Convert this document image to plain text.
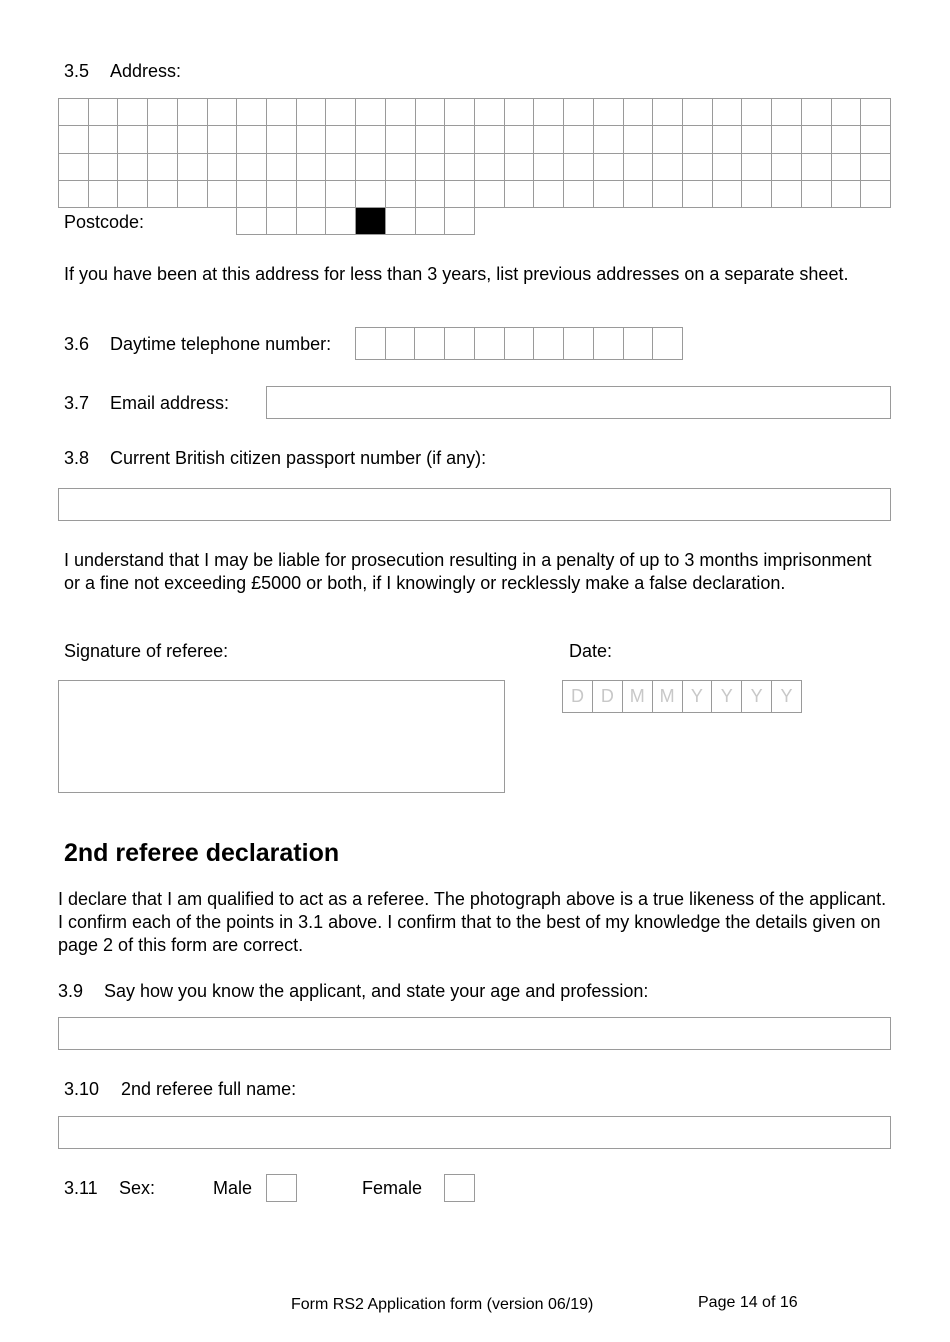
3.5 Address:
Postcode:
If you have been at this address for less than 3 years, list previous addresses on a separate sheet.
3.6 Daytime telephone number:
3.7 Email address:
3.8 Current British citizen passport number (if any):
I understand that I may be liable for prosecution resulting in a penalty of up to 3 months imprisonment or a fine not exceeding £5000 or both, if I knowingly or recklessly make a false declaration.
Signature of referee:	Date:
D D M M Y Y Y Y
2nd referee declaration
I declare that I am qualified to act as a referee. The photograph above is a true likeness of the applicant. I confirm each of the points in 3.1 above. I confirm that to the best of my knowledge the details given on page 2 of this form are correct.
3.9 Say how you know the applicant, and state your age and profession:
3.10 2nd referee full name:
3.11 Sex:	Male	Female
Form RS2 Application form (version 06/19)	Page 14 of 16
